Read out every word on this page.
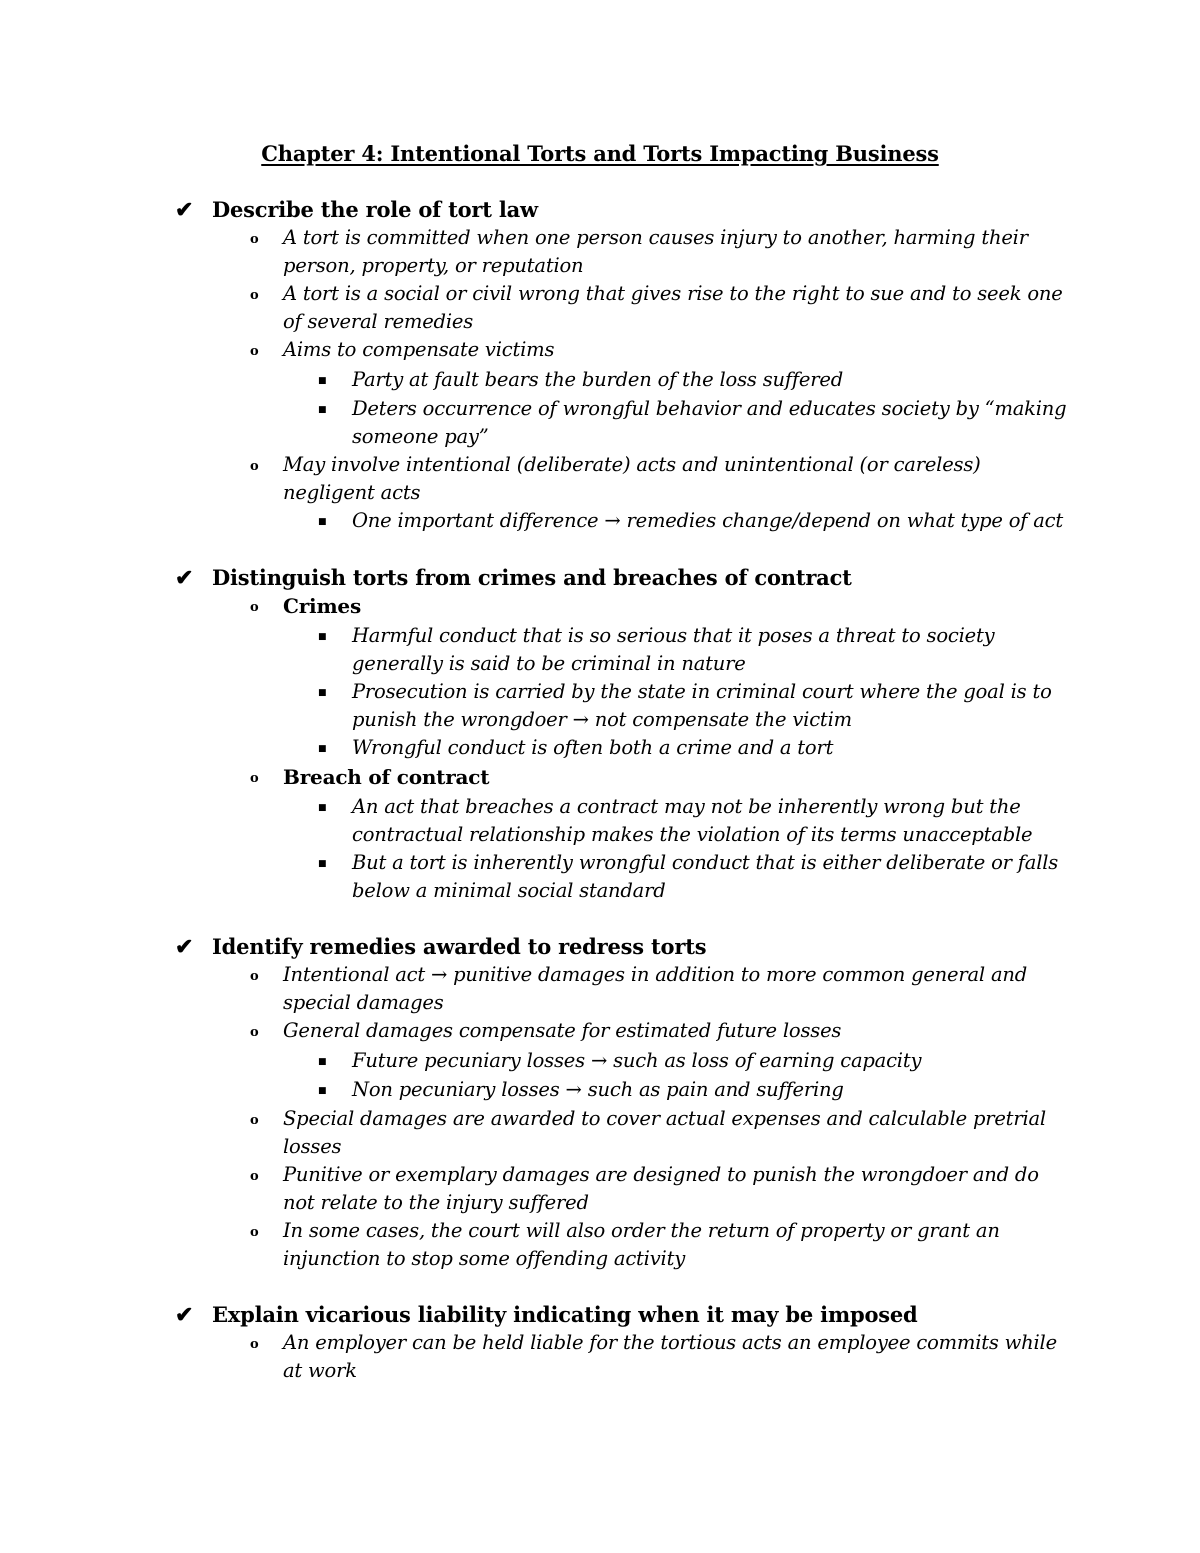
Chapter 4: Intentional Torts and Torts Impacting Business
✔ Describe the role of tort law
o	A tort is committed when one person causes injury to another, harming their person, property, or reputation
o	A tort is a social or civil wrong that gives rise to the right to sue and to seek one of several remedies
o	Aims to compensate victims
■	Party at fault bears the burden of the loss suffered
■	Deters occurrence of wrongful behavior and educates society by “making someone pay”
o	May involve intentional (deliberate) acts and unintentional (or careless) negligent acts
■	One important difference → remedies change/depend on what type of act
✔ Distinguish torts from crimes and breaches of contract
o	Crimes
■	Harmful conduct that is so serious that it poses a threat to society generally is said to be criminal in nature
■	Prosecution is carried by the state in criminal court where the goal is to punish the wrongdoer → not compensate the victim
■	Wrongful conduct is often both a crime and a tort
o	Breach of contract
■	An act that breaches a contract may not be inherently wrong but the contractual relationship makes the violation of its terms unacceptable
■	But a tort is inherently wrongful conduct that is either deliberate or falls below a minimal social standard
✔ Identify remedies awarded to redress torts
o	Intentional act → punitive damages in addition to more common general and special damages
o	General damages compensate for estimated future losses
■	Future pecuniary losses → such as loss of earning capacity
■	Non pecuniary losses → such as pain and suffering
o	Special damages are awarded to cover actual expenses and calculable pretrial losses
o	Punitive or exemplary damages are designed to punish the wrongdoer and do not relate to the injury suffered
o	In some cases, the court will also order the return of property or grant an injunction to stop some offending activity
✔ Explain vicarious liability indicating when it may be imposed
o	An employer can be held liable for the tortious acts an employee commits while at work
